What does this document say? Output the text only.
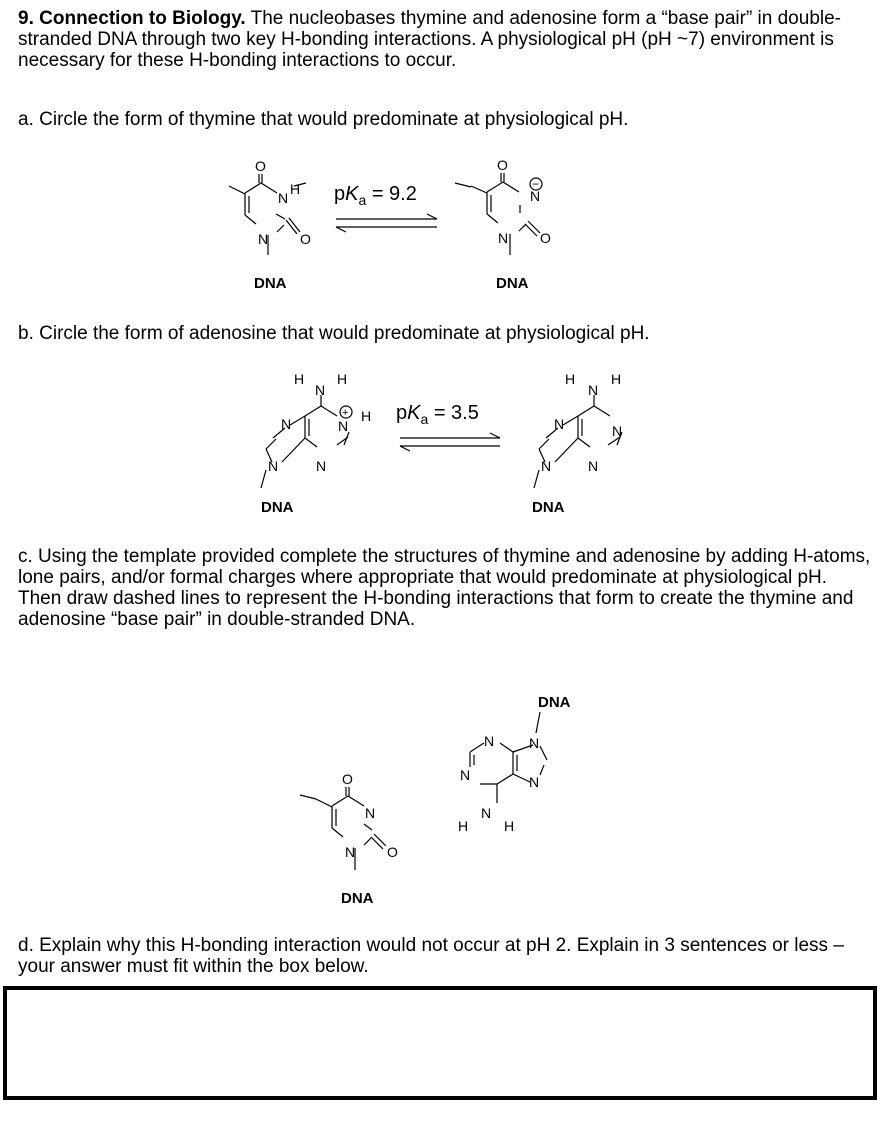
9. Connection to Biology. The nucleobases thymine and adenosine form a “base pair” in double-stranded DNA through two key H-bonding interactions. A physiological pH (pH ~7) environment is necessary for these H-bonding interactions to occur.

a. Circle the form of thymine that would predominate at physiological pH.

O
N
H
N O
DNA
$pK_a = 9.2$
O
N
−
N O
DNA
H
N
H
+
N
H
N
N
N
DNA
$pK_a = 3.5$
H
N
H
N
N
N
N
DNA
DNA
N
N
N	N
N
H	H
O
N
N O
DNA

b. Circle the form of adenosine that would predominate at physiological pH.

c. Using the template provided complete the structures of thymine and adenosine by adding H-atoms, lone pairs, and/or formal charges where appropriate that would predominate at physiological pH. Then draw dashed lines to represent the H-bonding interactions that form to create the thymine and adenosine “base pair” in double-stranded DNA.

d. Explain why this H-bonding interaction would not occur at pH 2. Explain in 3 sentences or less – your answer must fit within the box below.
